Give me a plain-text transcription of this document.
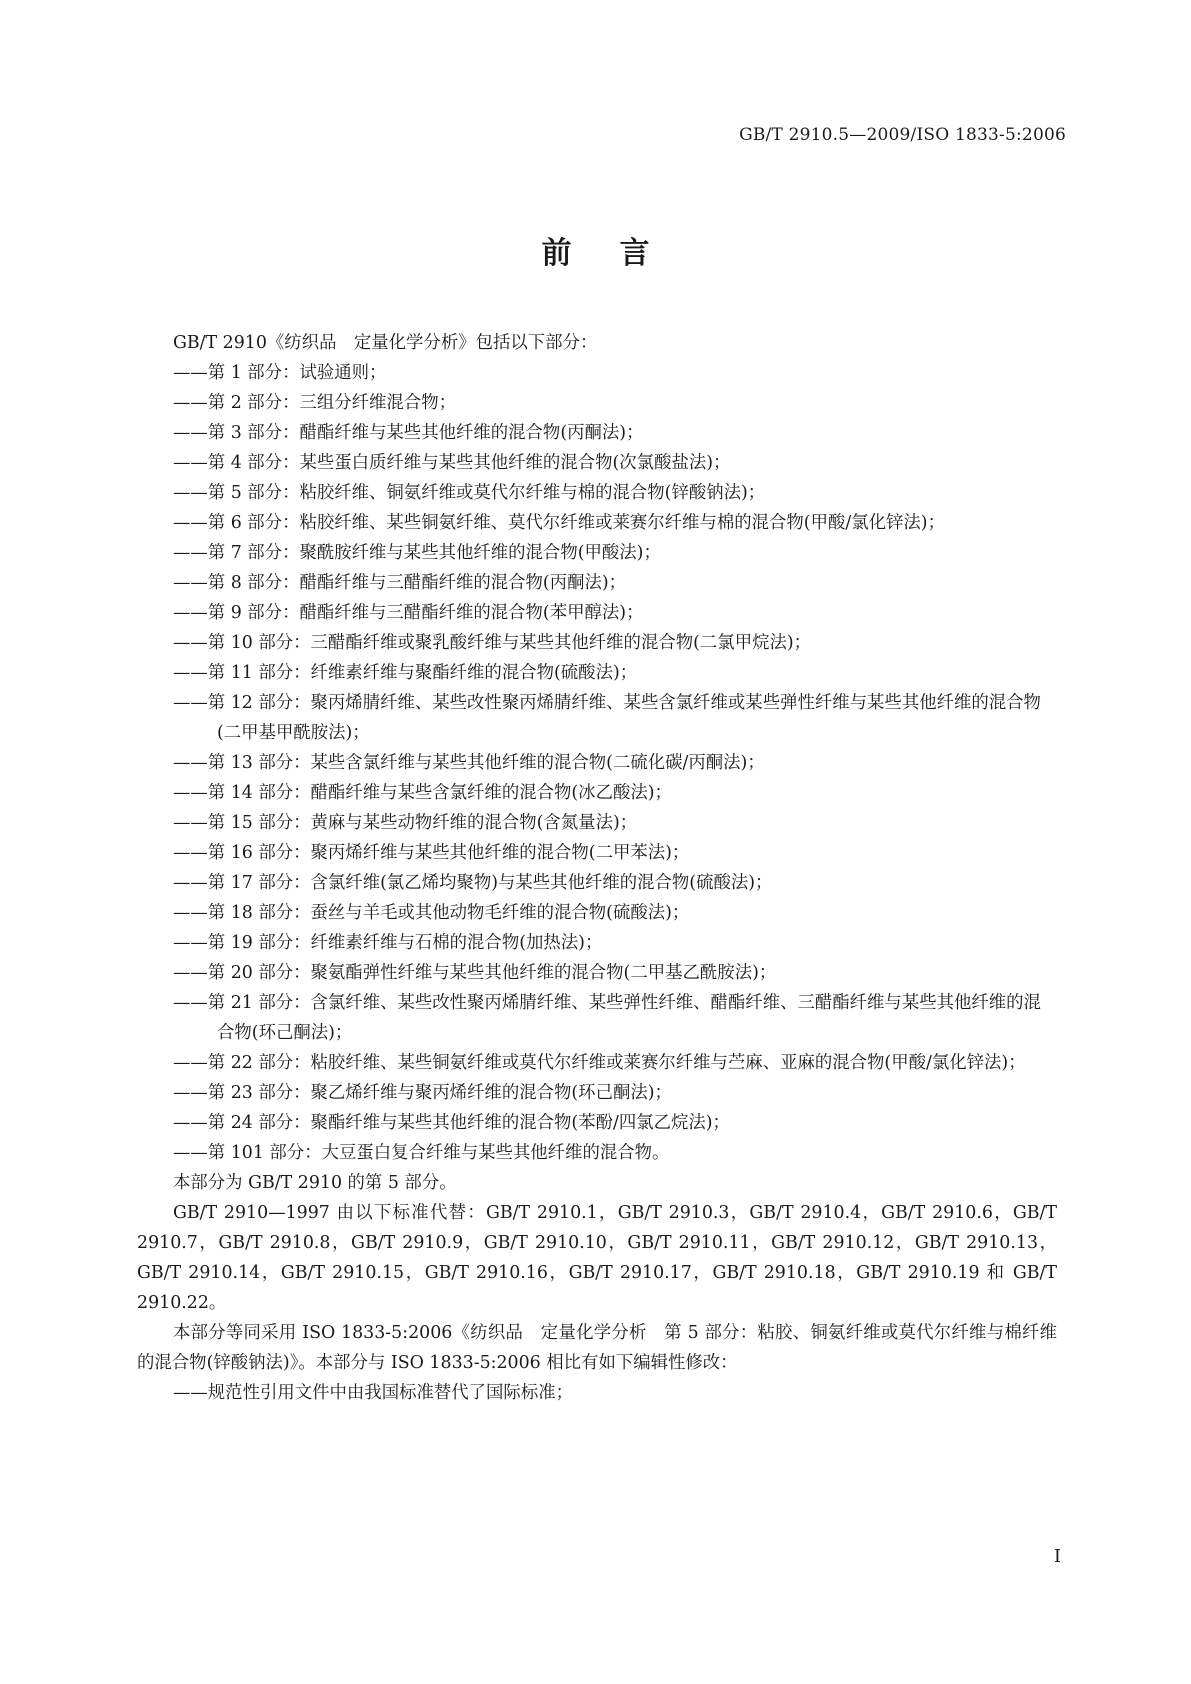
GB/T 2910.5—2009/ISO 1833-5:2006
前言
GB/T 2910《纺织品　定量化学分析》包括以下部分：
——第 1 部分：试验通则；
——第 2 部分：三组分纤维混合物；
——第 3 部分：醋酯纤维与某些其他纤维的混合物(丙酮法)；
——第 4 部分：某些蛋白质纤维与某些其他纤维的混合物(次氯酸盐法)；
——第 5 部分：粘胶纤维、铜氨纤维或莫代尔纤维与棉的混合物(锌酸钠法)；
——第 6 部分：粘胶纤维、某些铜氨纤维、莫代尔纤维或莱赛尔纤维与棉的混合物(甲酸/氯化锌法)；
——第 7 部分：聚酰胺纤维与某些其他纤维的混合物(甲酸法)；
——第 8 部分：醋酯纤维与三醋酯纤维的混合物(丙酮法)；
——第 9 部分：醋酯纤维与三醋酯纤维的混合物(苯甲醇法)；
——第 10 部分：三醋酯纤维或聚乳酸纤维与某些其他纤维的混合物(二氯甲烷法)；
——第 11 部分：纤维素纤维与聚酯纤维的混合物(硫酸法)；
——第 12 部分：聚丙烯腈纤维、某些改性聚丙烯腈纤维、某些含氯纤维或某些弹性纤维与某些其他纤维的混合物(二甲基甲酰胺法)；
——第 13 部分：某些含氯纤维与某些其他纤维的混合物(二硫化碳/丙酮法)；
——第 14 部分：醋酯纤维与某些含氯纤维的混合物(冰乙酸法)；
——第 15 部分：黄麻与某些动物纤维的混合物(含氮量法)；
——第 16 部分：聚丙烯纤维与某些其他纤维的混合物(二甲苯法)；
——第 17 部分：含氯纤维(氯乙烯均聚物)与某些其他纤维的混合物(硫酸法)；
——第 18 部分：蚕丝与羊毛或其他动物毛纤维的混合物(硫酸法)；
——第 19 部分：纤维素纤维与石棉的混合物(加热法)；
——第 20 部分：聚氨酯弹性纤维与某些其他纤维的混合物(二甲基乙酰胺法)；
——第 21 部分：含氯纤维、某些改性聚丙烯腈纤维、某些弹性纤维、醋酯纤维、三醋酯纤维与某些其他纤维的混合物(环己酮法)；
——第 22 部分：粘胶纤维、某些铜氨纤维或莫代尔纤维或莱赛尔纤维与苎麻、亚麻的混合物(甲酸/氯化锌法)；
——第 23 部分：聚乙烯纤维与聚丙烯纤维的混合物(环己酮法)；
——第 24 部分：聚酯纤维与某些其他纤维的混合物(苯酚/四氯乙烷法)；
——第 101 部分：大豆蛋白复合纤维与某些其他纤维的混合物。
本部分为 GB/T 2910 的第 5 部分。
GB/T 2910—1997 由以下标准代替：GB/T 2910.1，GB/T 2910.3，GB/T 2910.4，GB/T 2910.6，GB/T 2910.7，GB/T 2910.8，GB/T 2910.9，GB/T 2910.10，GB/T 2910.11，GB/T 2910.12，GB/T 2910.13，GB/T 2910.14，GB/T 2910.15，GB/T 2910.16，GB/T 2910.17，GB/T 2910.18，GB/T 2910.19 和 GB/T 2910.22。
本部分等同采用 ISO 1833-5:2006《纺织品　定量化学分析　第 5 部分：粘胶、铜氨纤维或莫代尔纤维与棉纤维的混合物(锌酸钠法)》。本部分与 ISO 1833-5:2006 相比有如下编辑性修改：
——规范性引用文件中由我国标准替代了国际标准；
I
